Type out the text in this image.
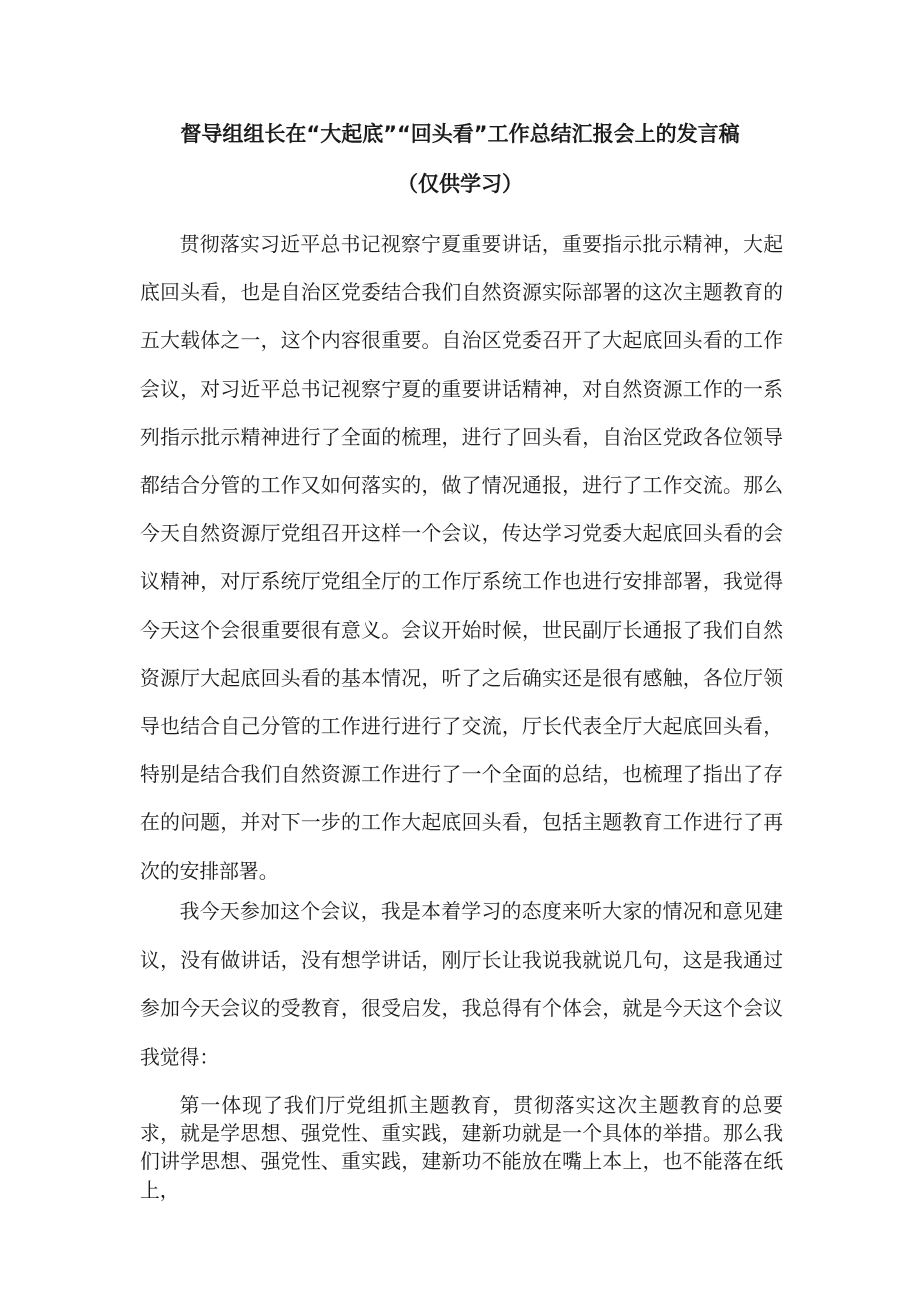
督导组组长在“大起底”“回头看”工作总结汇报会上的发言稿
（仅供学习）

贯彻落实习近平总书记视察宁夏重要讲话，重要指示批示精神，大起底回头看，也是自治区党委结合我们自然资源实际部署的这次主题教育的五大载体之一，这个内容很重要。自治区党委召开了大起底回头看的工作会议，对习近平总书记视察宁夏的重要讲话精神，对自然资源工作的一系列指示批示精神进行了全面的梳理，进行了回头看，自治区党政各位领导都结合分管的工作又如何落实的，做了情况通报，进行了工作交流。那么今天自然资源厅党组召开这样一个会议，传达学习党委大起底回头看的会议精神，对厅系统厅党组全厅的工作厅系统工作也进行安排部署，我觉得今天这个会很重要很有意义。会议开始时候，世民副厅长通报了我们自然资源厅大起底回头看的基本情况，听了之后确实还是很有感触，各位厅领导也结合自己分管的工作进行进行了交流，厅长代表全厅大起底回头看，特别是结合我们自然资源工作进行了一个全面的总结，也梳理了指出了存在的问题，并对下一步的工作大起底回头看，包括主题教育工作进行了再次的安排部署。

我今天参加这个会议，我是本着学习的态度来听大家的情况和意见建议，没有做讲话，没有想学讲话，刚厅长让我说我就说几句，这是我通过参加今天会议的受教育，很受启发，我总得有个体会，就是今天这个会议我觉得：

第一体现了我们厅党组抓主题教育，贯彻落实这次主题教育的总要求，就是学思想、强党性、重实践，建新功就是一个具体的举措。那么我们讲学思想、强党性、重实践，建新功不能放在嘴上本上，也不能落在纸上，
